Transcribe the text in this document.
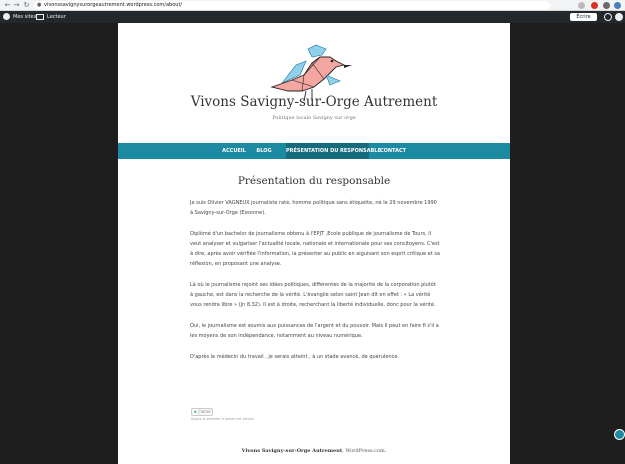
← → ↻	● vivonssavignysurorgeautrement.wordpress.com/about/
Mes sites	Lecteur	Écrire
Vivons Savigny-sur-Orge Autrement
Politique locale Savigny sur orge
ACCUEIL	BLOG	PRÉSENTATION DU RESPONSABLE CONTACT
Présentation du responsable

Je suis Olivier VAGNEUX journaliste raté, homme politique sans étiquette, né le 29 novembre 1990 à Savigny-sur-Orge (Essonne).

Diplômé d'un bachelor de journalisme obtenu à l'EPJT ,Ecole publique de journalisme de Tours, il veut analyser et vulgariser l'actualité locale, nationale et internationale pour ses concitoyens. C'est à dire, après avoir vérifiée l'information, la présenter au public en aiguisant son esprit critique et sa réflexion, en proposant une analyse.

Là où le journalisme rejoint ses idées politiques, différentes de la majorité de la corporation plutôt à gauche, est dans la recherche de la vérité. L'évangile selon saint Jean dit en effet : « La vérité vous rendra libre » (Jn 8,32). Il est à droite, recherchant la liberté individuelle, donc pour la vérité.

Oui, le journalisme est soumis aux puissances de l'argent et du pouvoir. Mais il peut en faire fi s'il a les moyens de son indépendance, notamment au niveau numérique.

D'après le médecin du travail , je serais atteint , à un stade avancé, de quérulence.

★ J'aime
Soyez le premier à aimer cet article.
Vivons Savigny-sur-Orge Autrement, WordPress.com.
